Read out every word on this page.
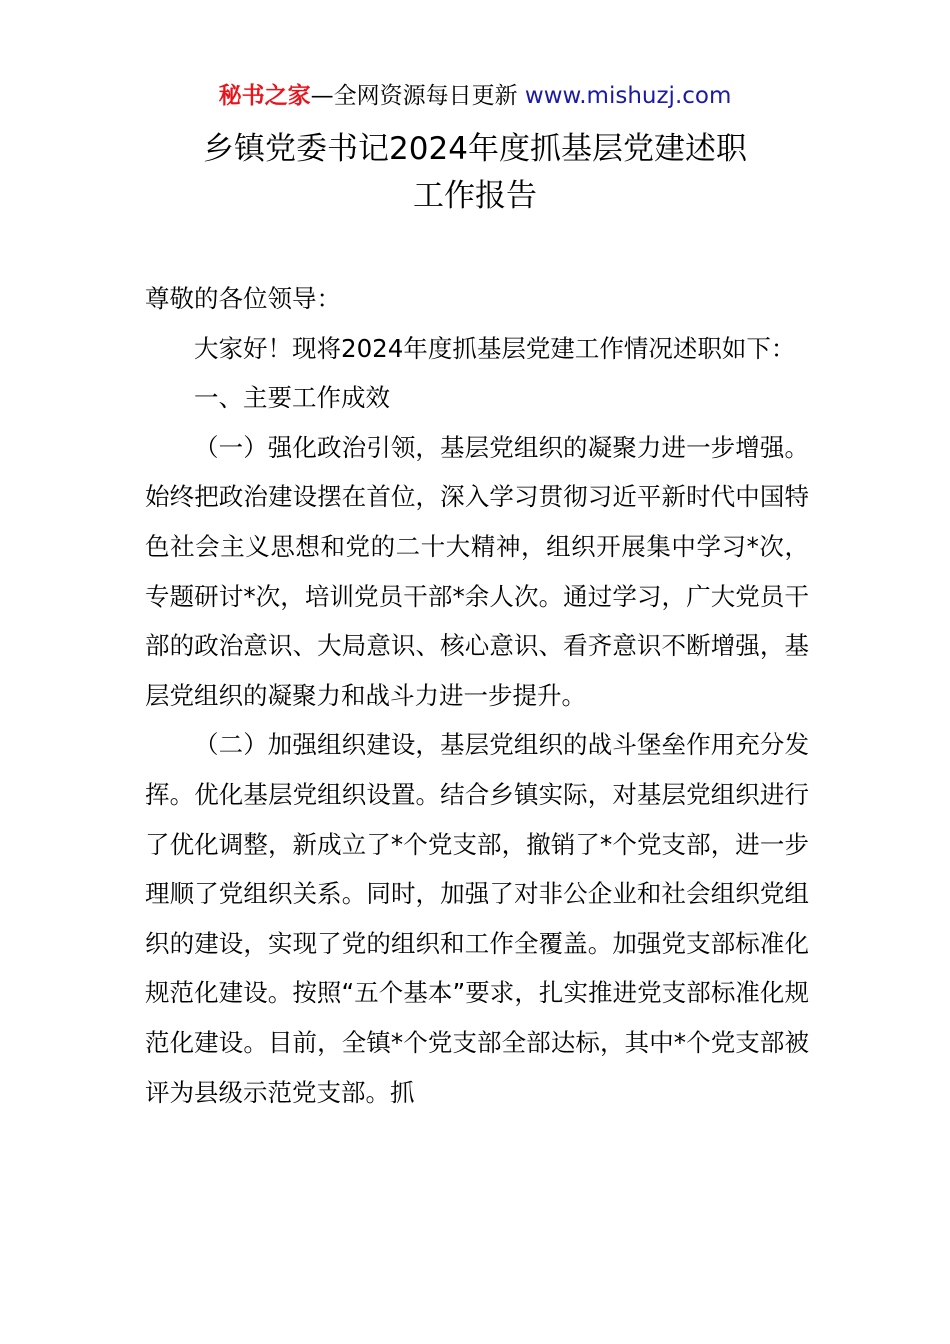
秘书之家—全网资源每日更新 www.mishuzj.com
乡镇党委书记2024年度抓基层党建述职
工作报告

尊敬的各位领导：

大家好！现将2024年度抓基层党建工作情况述职如下：

一、主要工作成效

（一）强化政治引领，基层党组织的凝聚力进一步增强。始终把政治建设摆在首位，深入学习贯彻习近平新时代中国特色社会主义思想和党的二十大精神，组织开展集中学习*次，专题研讨*次，培训党员干部*余人次。通过学习，广大党员干部的政治意识、大局意识、核心意识、看齐意识不断增强，基层党组织的凝聚力和战斗力进一步提升。

（二）加强组织建设，基层党组织的战斗堡垒作用充分发挥。优化基层党组织设置。结合乡镇实际，对基层党组织进行了优化调整，新成立了*个党支部，撤销了*个党支部，进一步理顺了党组织关系。同时，加强了对非公企业和社会组织党组织的建设，实现了党的组织和工作全覆盖。加强党支部标准化规范化建设。按照“五个基本”要求，扎实推进党支部标准化规范化建设。目前，全镇*个党支部全部达标，其中*个党支部被评为县级示范党支部。抓
